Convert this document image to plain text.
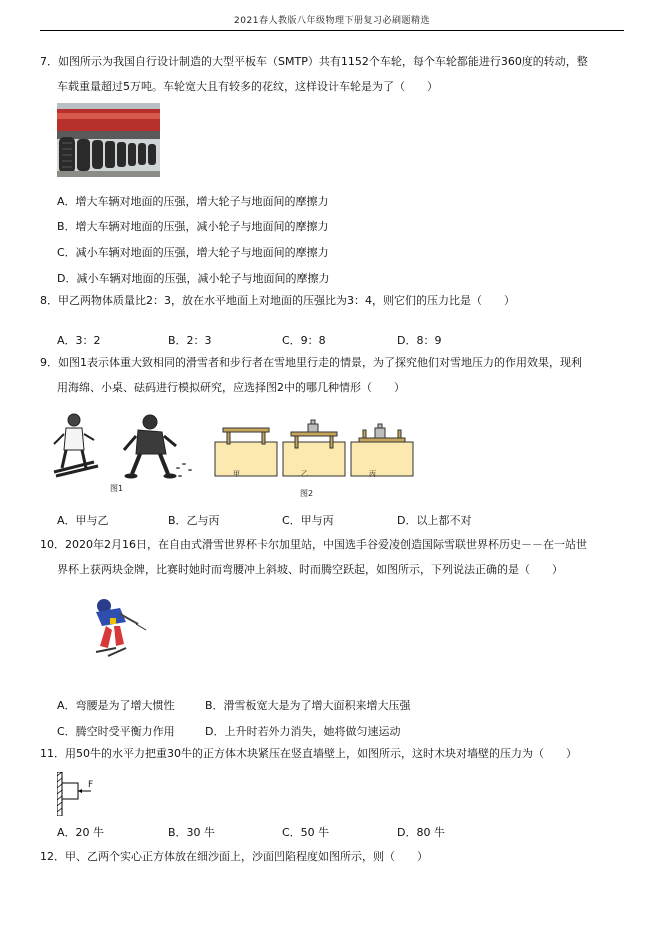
2021春人教版八年级物理下册复习必刷题精选
7．如图所示为我国自行设计制造的大型平板车（SMTP）共有1152个车轮，每个车轮都能进行360度的转动，整
车载重量超过5万吨。车轮宽大且有较多的花纹，这样设计车轮是为了（　　）
A．增大车辆对地面的压强，增大轮子与地面间的摩擦力
B．增大车辆对地面的压强，减小轮子与地面间的摩擦力
C．减小车辆对地面的压强，增大轮子与地面间的摩擦力
D．减小车辆对地面的压强，减小轮子与地面间的摩擦力
8．甲乙两物体质量比2：3，放在水平地面上对地面的压强比为3：4，则它们的压力比是（　　）
A．3：2	B．2：3	C．9：8	D．8：9
9．如图1表示体重大致相同的滑雪者和步行者在雪地里行走的情景，为了探究他们对雪地压力的作用效果，现利
用海绵、小桌、砝码进行模拟研究，应选择图2中的哪几种情形（　　）
图1
甲	乙	丙
图2
A．甲与乙	B．乙与丙	C．甲与丙	D．以上都不对
10．2020年2月16日，在自由式滑雪世界杯卡尔加里站，中国选手谷爱凌创造国际雪联世界杯历史－－在一站世
界杯上获两块金牌，比赛时她时而弯腰冲上斜坡、时而腾空跃起，如图所示，下列说法正确的是（　　）
A．弯腰是为了增大惯性	B．滑雪板宽大是为了增大面积来增大压强
C．腾空时受平衡力作用	D．上升时若外力消失，她将做匀速运动
11．用50牛的水平力把重30牛的正方体木块紧压在竖直墙壁上，如图所示，这时木块对墙壁的压力为（　　）
F
A．20 牛	B．30 牛	C．50 牛	D．80 牛
12．甲、乙两个实心正方体放在细沙面上，沙面凹陷程度如图所示，则（　　）
